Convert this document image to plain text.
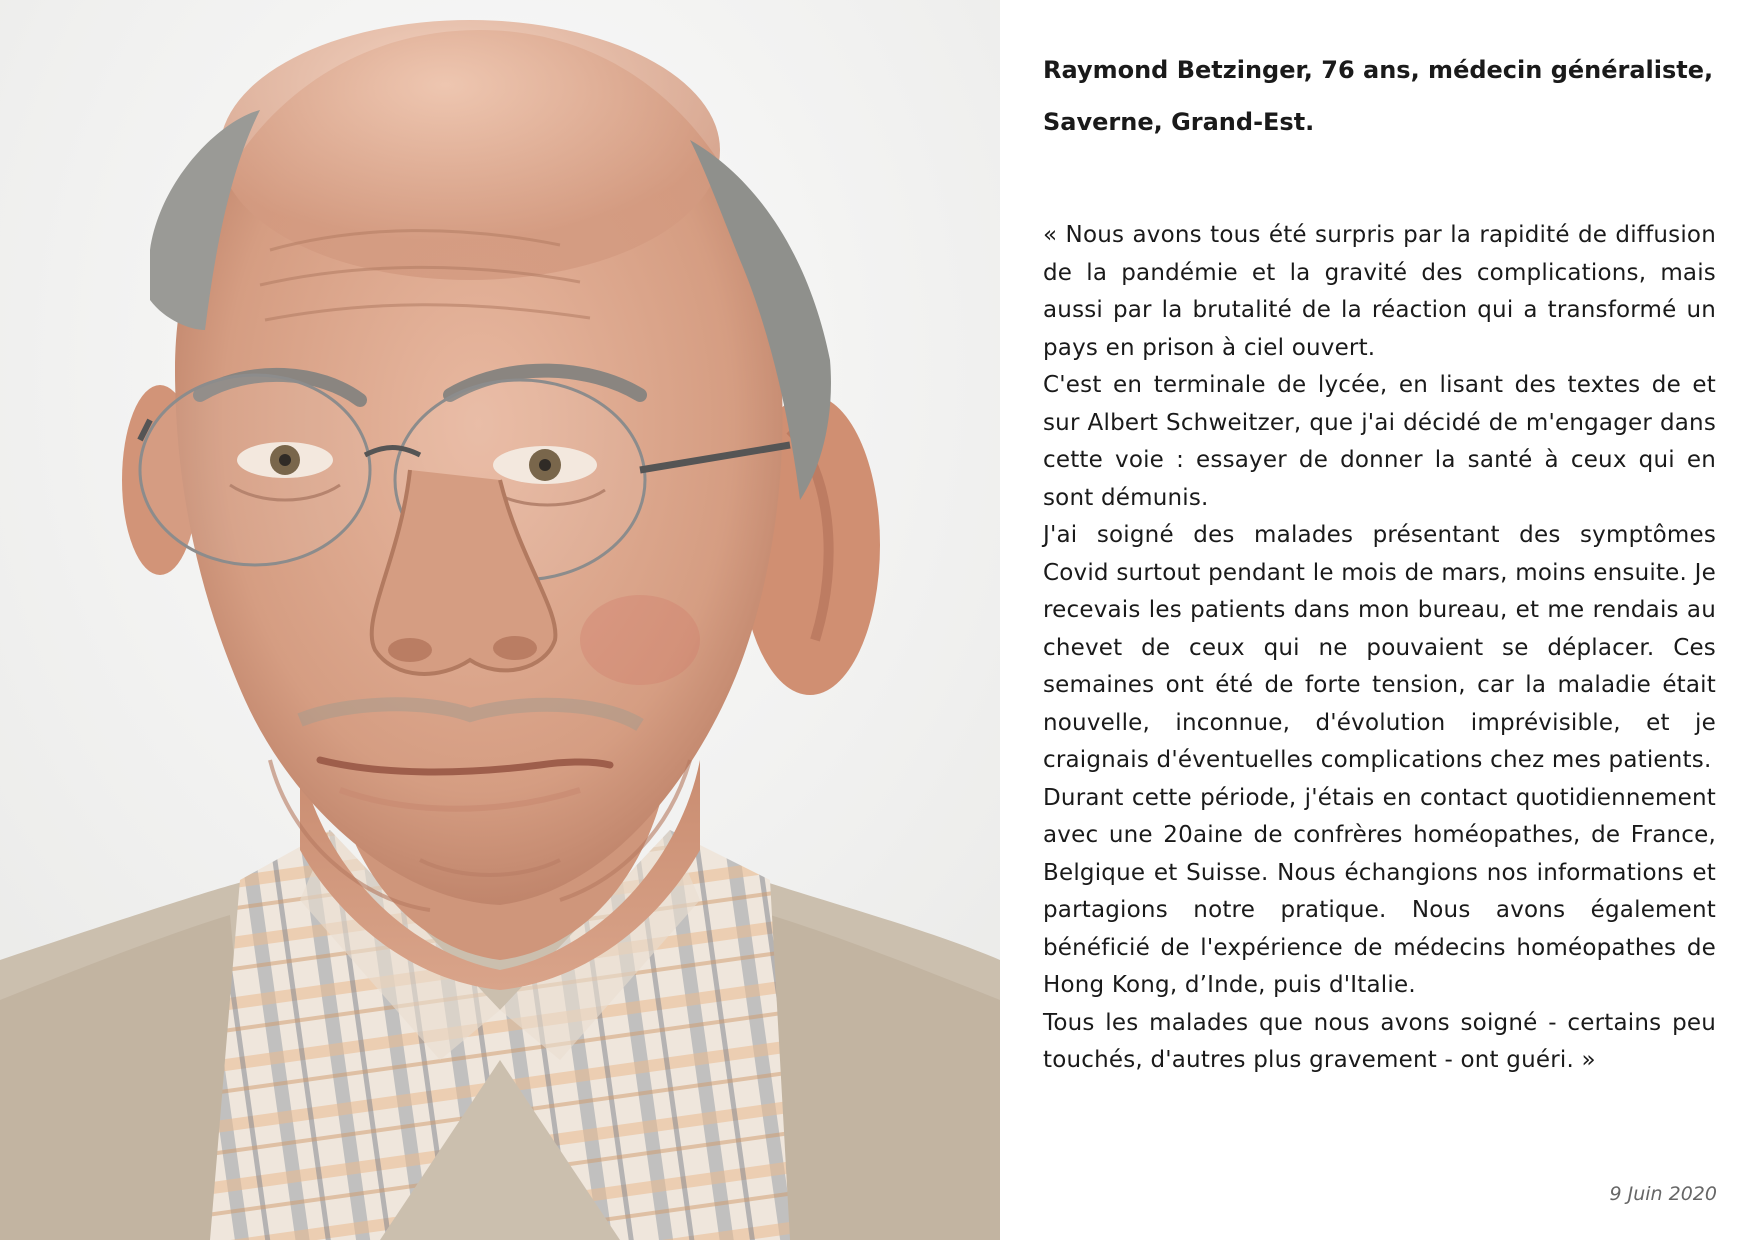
Raymond Betzinger, 76 ans, médecin généraliste,
Saverne, Grand-Est.

« Nous avons tous été surpris par la rapidité de diffusion de la pandémie et la gravité des complications, mais aussi par la brutalité de la réaction qui a transformé un pays en prison à ciel ouvert.

C'est en terminale de lycée, en lisant des textes de et sur Albert Schweitzer, que j'ai décidé de m'engager dans cette voie : essayer de donner la santé à ceux qui en sont démunis.

J'ai soigné des malades présentant des symptômes Covid surtout pendant le mois de mars, moins ensuite. Je recevais les patients dans mon bureau, et me rendais au chevet de ceux qui ne pouvaient se déplacer. Ces semaines ont été de forte tension, car la maladie était nouvelle, inconnue, d'évolution imprévisible, et je craignais d'éventuelles complications chez mes patients.

Durant cette période, j'étais en contact quotidiennement avec une 20aine de confrères homéopathes, de France, Belgique et Suisse. Nous échangions nos informations et partagions notre pratique. Nous avons également bénéficié de l'expérience de médecins homéopathes de Hong Kong, d’Inde, puis d'Italie.

Tous les malades que nous avons soigné - certains peu touchés, d'autres plus gravement - ont guéri. »

9 Juin 2020
